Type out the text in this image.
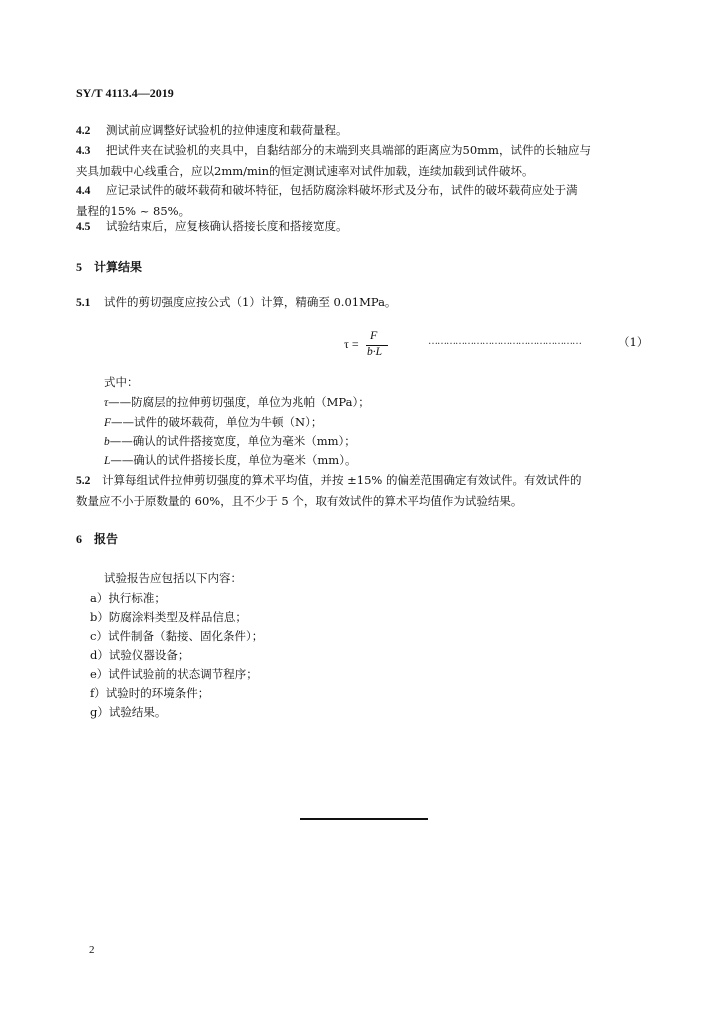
SY/T 4113.4—2019
4.2 测试前应调整好试验机的拉伸速度和载荷量程。
4.3 把试件夹在试验机的夹具中，自黏结部分的末端到夹具端部的距离应为50mm，试件的长轴应与
夹具加载中心线重合，应以2mm/min的恒定测试速率对试件加载，连续加载到试件破坏。
4.4 应记录试件的破坏载荷和破坏特征，包括防腐涂料破坏形式及分布，试件的破坏载荷应处于满
量程的15% ~ 85%。
4.5 试验结束后，应复核确认搭接长度和搭接宽度。
5 计算结果
5.1 试件的剪切强度应按公式（1）计算，精确至 0.01MPa。
τ =
F
b·L
……………………………………………	（1）
式中：
τ——防腐层的拉伸剪切强度，单位为兆帕（MPa）；
F——试件的破坏载荷，单位为牛顿（N）；
b——确认的试件搭接宽度，单位为毫米（mm）；
L——确认的试件搭接长度，单位为毫米（mm）。
5.2 计算每组试件拉伸剪切强度的算术平均值，并按 ±15% 的偏差范围确定有效试件。有效试件的
数量应不小于原数量的 60%，且不少于 5 个，取有效试件的算术平均值作为试验结果。
6 报告
试验报告应包括以下内容：
a）执行标准；
b）防腐涂料类型及样品信息；
c）试件制备（黏接、固化条件）；
d）试验仪器设备；
e）试件试验前的状态调节程序；
f）试验时的环境条件；
g）试验结果。
2
